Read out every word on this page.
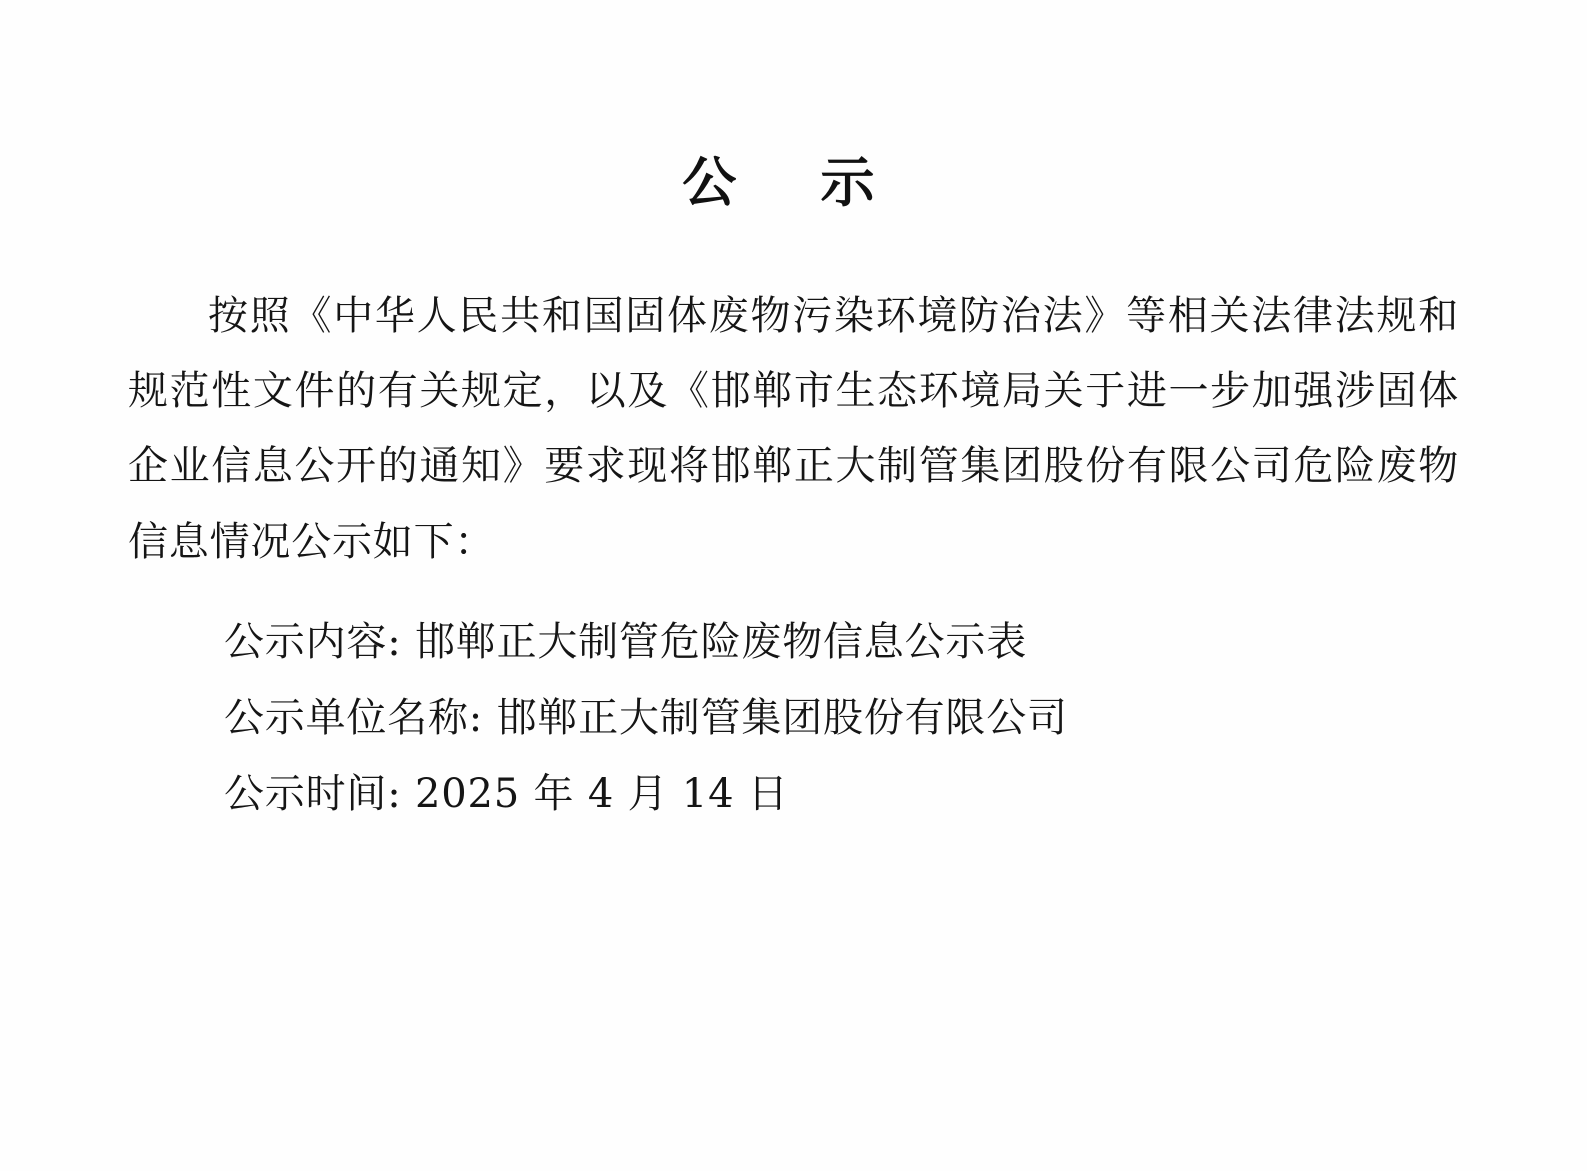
公　示

按照《中华人民共和国固体废物污染环境防治法》等相关法律法规和规范性文件的有关规定，以及《邯郸市生态环境局关于进一步加强涉固体企业信息公开的通知》要求现将邯郸正大制管集团股份有限公司危险废物信息情况公示如下：

公示内容: 邯郸正大制管危险废物信息公示表
公示单位名称: 邯郸正大制管集团股份有限公司
公示时间: 2025 年 4 月 14 日
